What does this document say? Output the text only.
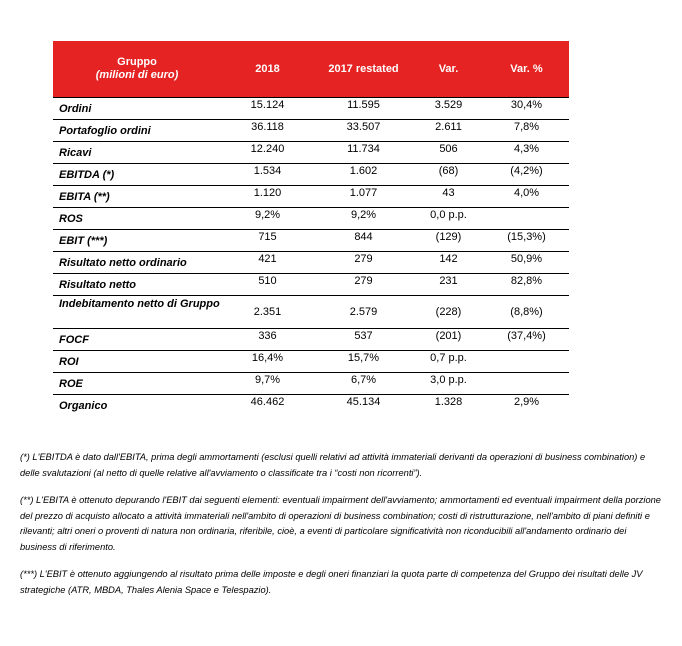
Gruppo
(milioni di euro)	2018	2017 restated	Var.	Var. %
Ordini	15.124	11.595	3.529	30,4%
Portafoglio ordini	36.118	33.507	2.611	7,8%
Ricavi	12.240	11.734	506	4,3%
EBITDA (*)	1.534	1.602	(68)	(4,2%)
EBITA (**)	1.120	1.077	43	4,0%
ROS	9,2%	9,2%	0,0 p.p.	
EBIT (***)	715	844	(129)	(15,3%)
Risultato netto ordinario	421	279	142	50,9%
Risultato netto	510	279	231	82,8%
Indebitamento netto di Gruppo	2.351	2.579	(228)	(8,8%)
FOCF	336	537	(201)	(37,4%)
ROI	16,4%	15,7%	0,7 p.p.	
ROE	9,7%	6,7%	3,0 p.p.	
Organico	46.462	45.134	1.328	2,9%

(*) L'EBITDA è dato dall'EBITA, prima degli ammortamenti (esclusi quelli relativi ad attività immateriali derivanti da operazioni di business combination) e delle svalutazioni (al netto di quelle relative all'avviamento o classificate tra i “costi non ricorrenti”).

(**) L'EBITA è ottenuto depurando l'EBIT dai seguenti elementi: eventuali impairment dell'avviamento; ammortamenti ed eventuali impairment della porzione del prezzo di acquisto allocato a attività immateriali nell'ambito di operazioni di business combination; costi di ristrutturazione, nell'ambito di piani definiti e rilevanti; altri oneri o proventi di natura non ordinaria, riferibile, cioè, a eventi di particolare significatività non riconducibili all'andamento ordinario dei business di riferimento.

(***) L'EBIT è ottenuto aggiungendo al risultato prima delle imposte e degli oneri finanziari la quota parte di competenza del Gruppo dei risultati delle JV strategiche (ATR, MBDA, Thales Alenia Space e Telespazio).
